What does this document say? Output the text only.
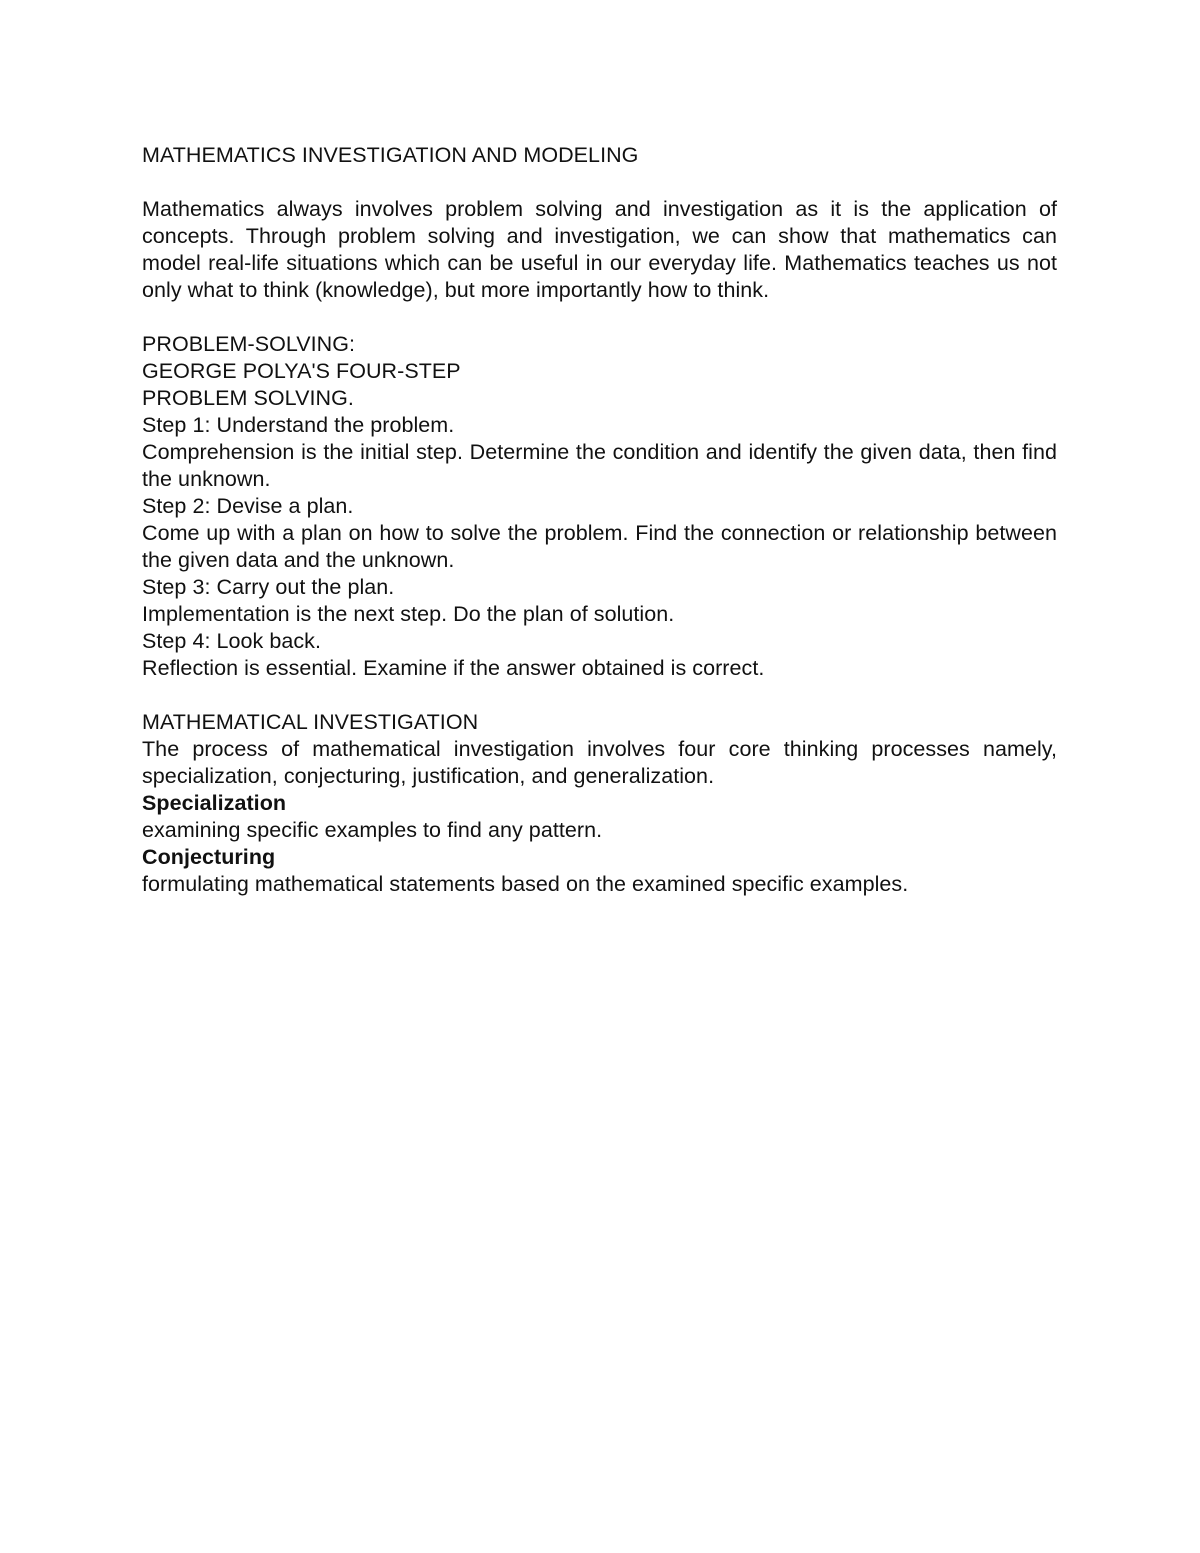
MATHEMATICS INVESTIGATION AND MODELING
Mathematics always involves problem solving and investigation as it is the application of concepts. Through problem solving and investigation, we can show that mathematics can model real-life situations which can be useful in our everyday life. Mathematics teaches us not only what to think (knowledge), but more importantly how to think.
PROBLEM-SOLVING:
GEORGE POLYA'S FOUR-STEP
PROBLEM SOLVING.
Step 1: Understand the problem.
Comprehension is the initial step. Determine the condition and identify the given data, then find the unknown.
Step 2: Devise a plan.
Come up with a plan on how to solve the problem. Find the connection or relationship between the given data and the unknown.
Step 3: Carry out the plan.
Implementation is the next step. Do the plan of solution.
Step 4: Look back.
Reflection is essential. Examine if the answer obtained is correct.
MATHEMATICAL INVESTIGATION
The process of mathematical investigation involves four core thinking processes namely, specialization, conjecturing, justification, and generalization.
Specialization
examining specific examples to find any pattern.
Conjecturing
formulating mathematical statements based on the examined specific examples.
